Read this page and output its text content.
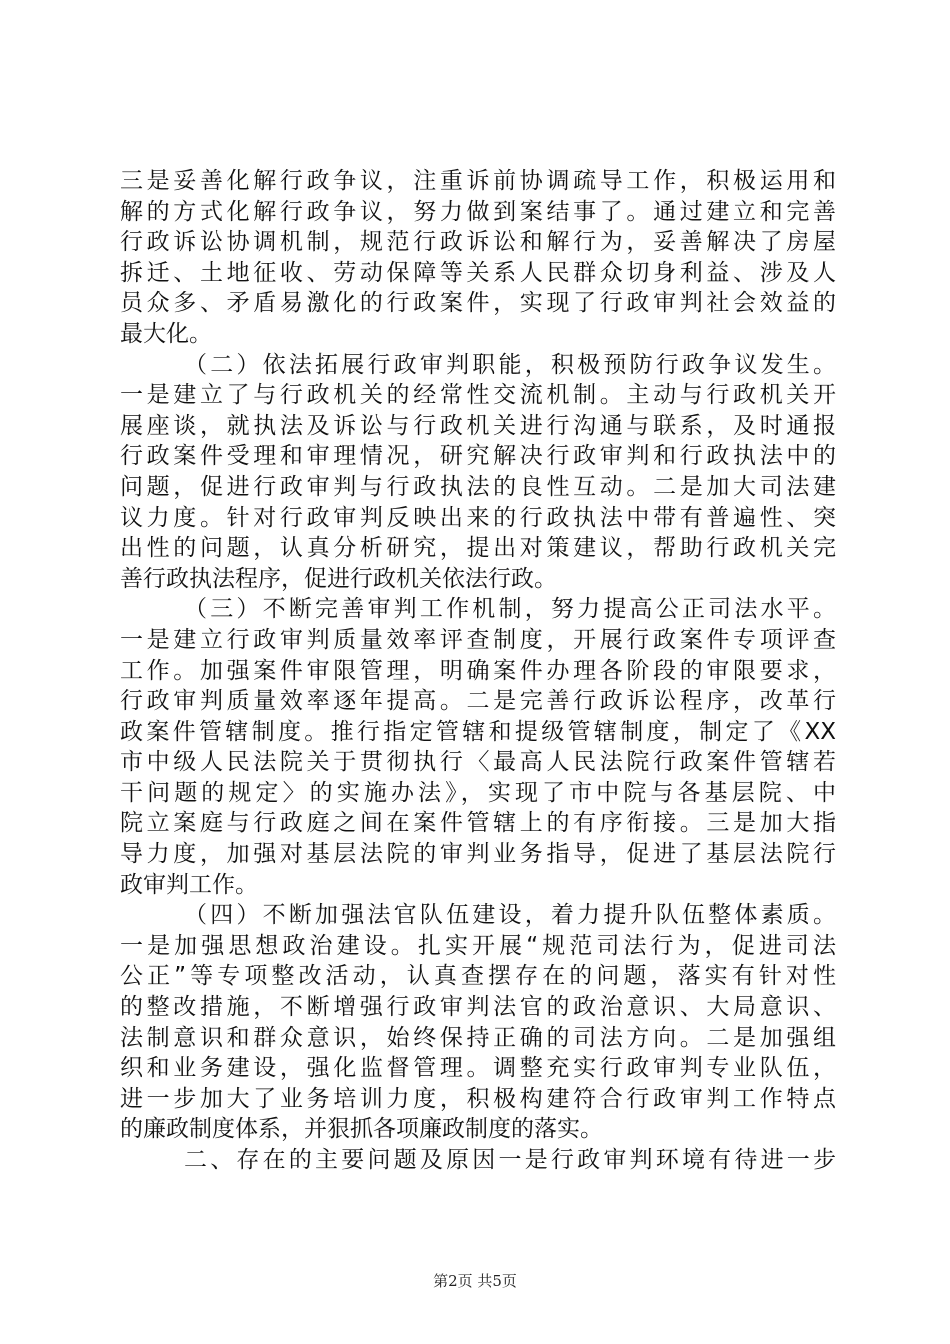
三是妥善化解行政争议，注重诉前协调疏导工作，积极运用和
解的方式化解行政争议，努力做到案结事了。通过建立和完善
行政诉讼协调机制，规范行政诉讼和解行为，妥善解决了房屋
拆迁、土地征收、劳动保障等关系人民群众切身利益、涉及人
员众多、矛盾易激化的行政案件，实现了行政审判社会效益的
最大化。
（二）依法拓展行政审判职能，积极预防行政争议发生。
一是建立了与行政机关的经常性交流机制。主动与行政机关开
展座谈，就执法及诉讼与行政机关进行沟通与联系，及时通报
行政案件受理和审理情况，研究解决行政审判和行政执法中的
问题，促进行政审判与行政执法的良性互动。二是加大司法建
议力度。针对行政审判反映出来的行政执法中带有普遍性、突
出性的问题，认真分析研究，提出对策建议，帮助行政机关完
善行政执法程序，促进行政机关依法行政。
（三）不断完善审判工作机制，努力提高公正司法水平。
一是建立行政审判质量效率评查制度，开展行政案件专项评查
工作。加强案件审限管理，明确案件办理各阶段的审限要求，
行政审判质量效率逐年提高。二是完善行政诉讼程序，改革行
政案件管辖制度。推行指定管辖和提级管辖制度，制定了《XX
市中级人民法院关于贯彻执行〈最高人民法院行政案件管辖若
干问题的规定〉的实施办法》，实现了市中院与各基层院、中
院立案庭与行政庭之间在案件管辖上的有序衔接。三是加大指
导力度，加强对基层法院的审判业务指导，促进了基层法院行
政审判工作。
（四）不断加强法官队伍建设，着力提升队伍整体素质。
一是加强思想政治建设。扎实开展“规范司法行为，促进司法
公正”等专项整改活动，认真查摆存在的问题，落实有针对性
的整改措施，不断增强行政审判法官的政治意识、大局意识、
法制意识和群众意识，始终保持正确的司法方向。二是加强组
织和业务建设，强化监督管理。调整充实行政审判专业队伍，
进一步加大了业务培训力度，积极构建符合行政审判工作特点
的廉政制度体系，并狠抓各项廉政制度的落实。
二、存在的主要问题及原因一是行政审判环境有待进一步
第2页 共5页
